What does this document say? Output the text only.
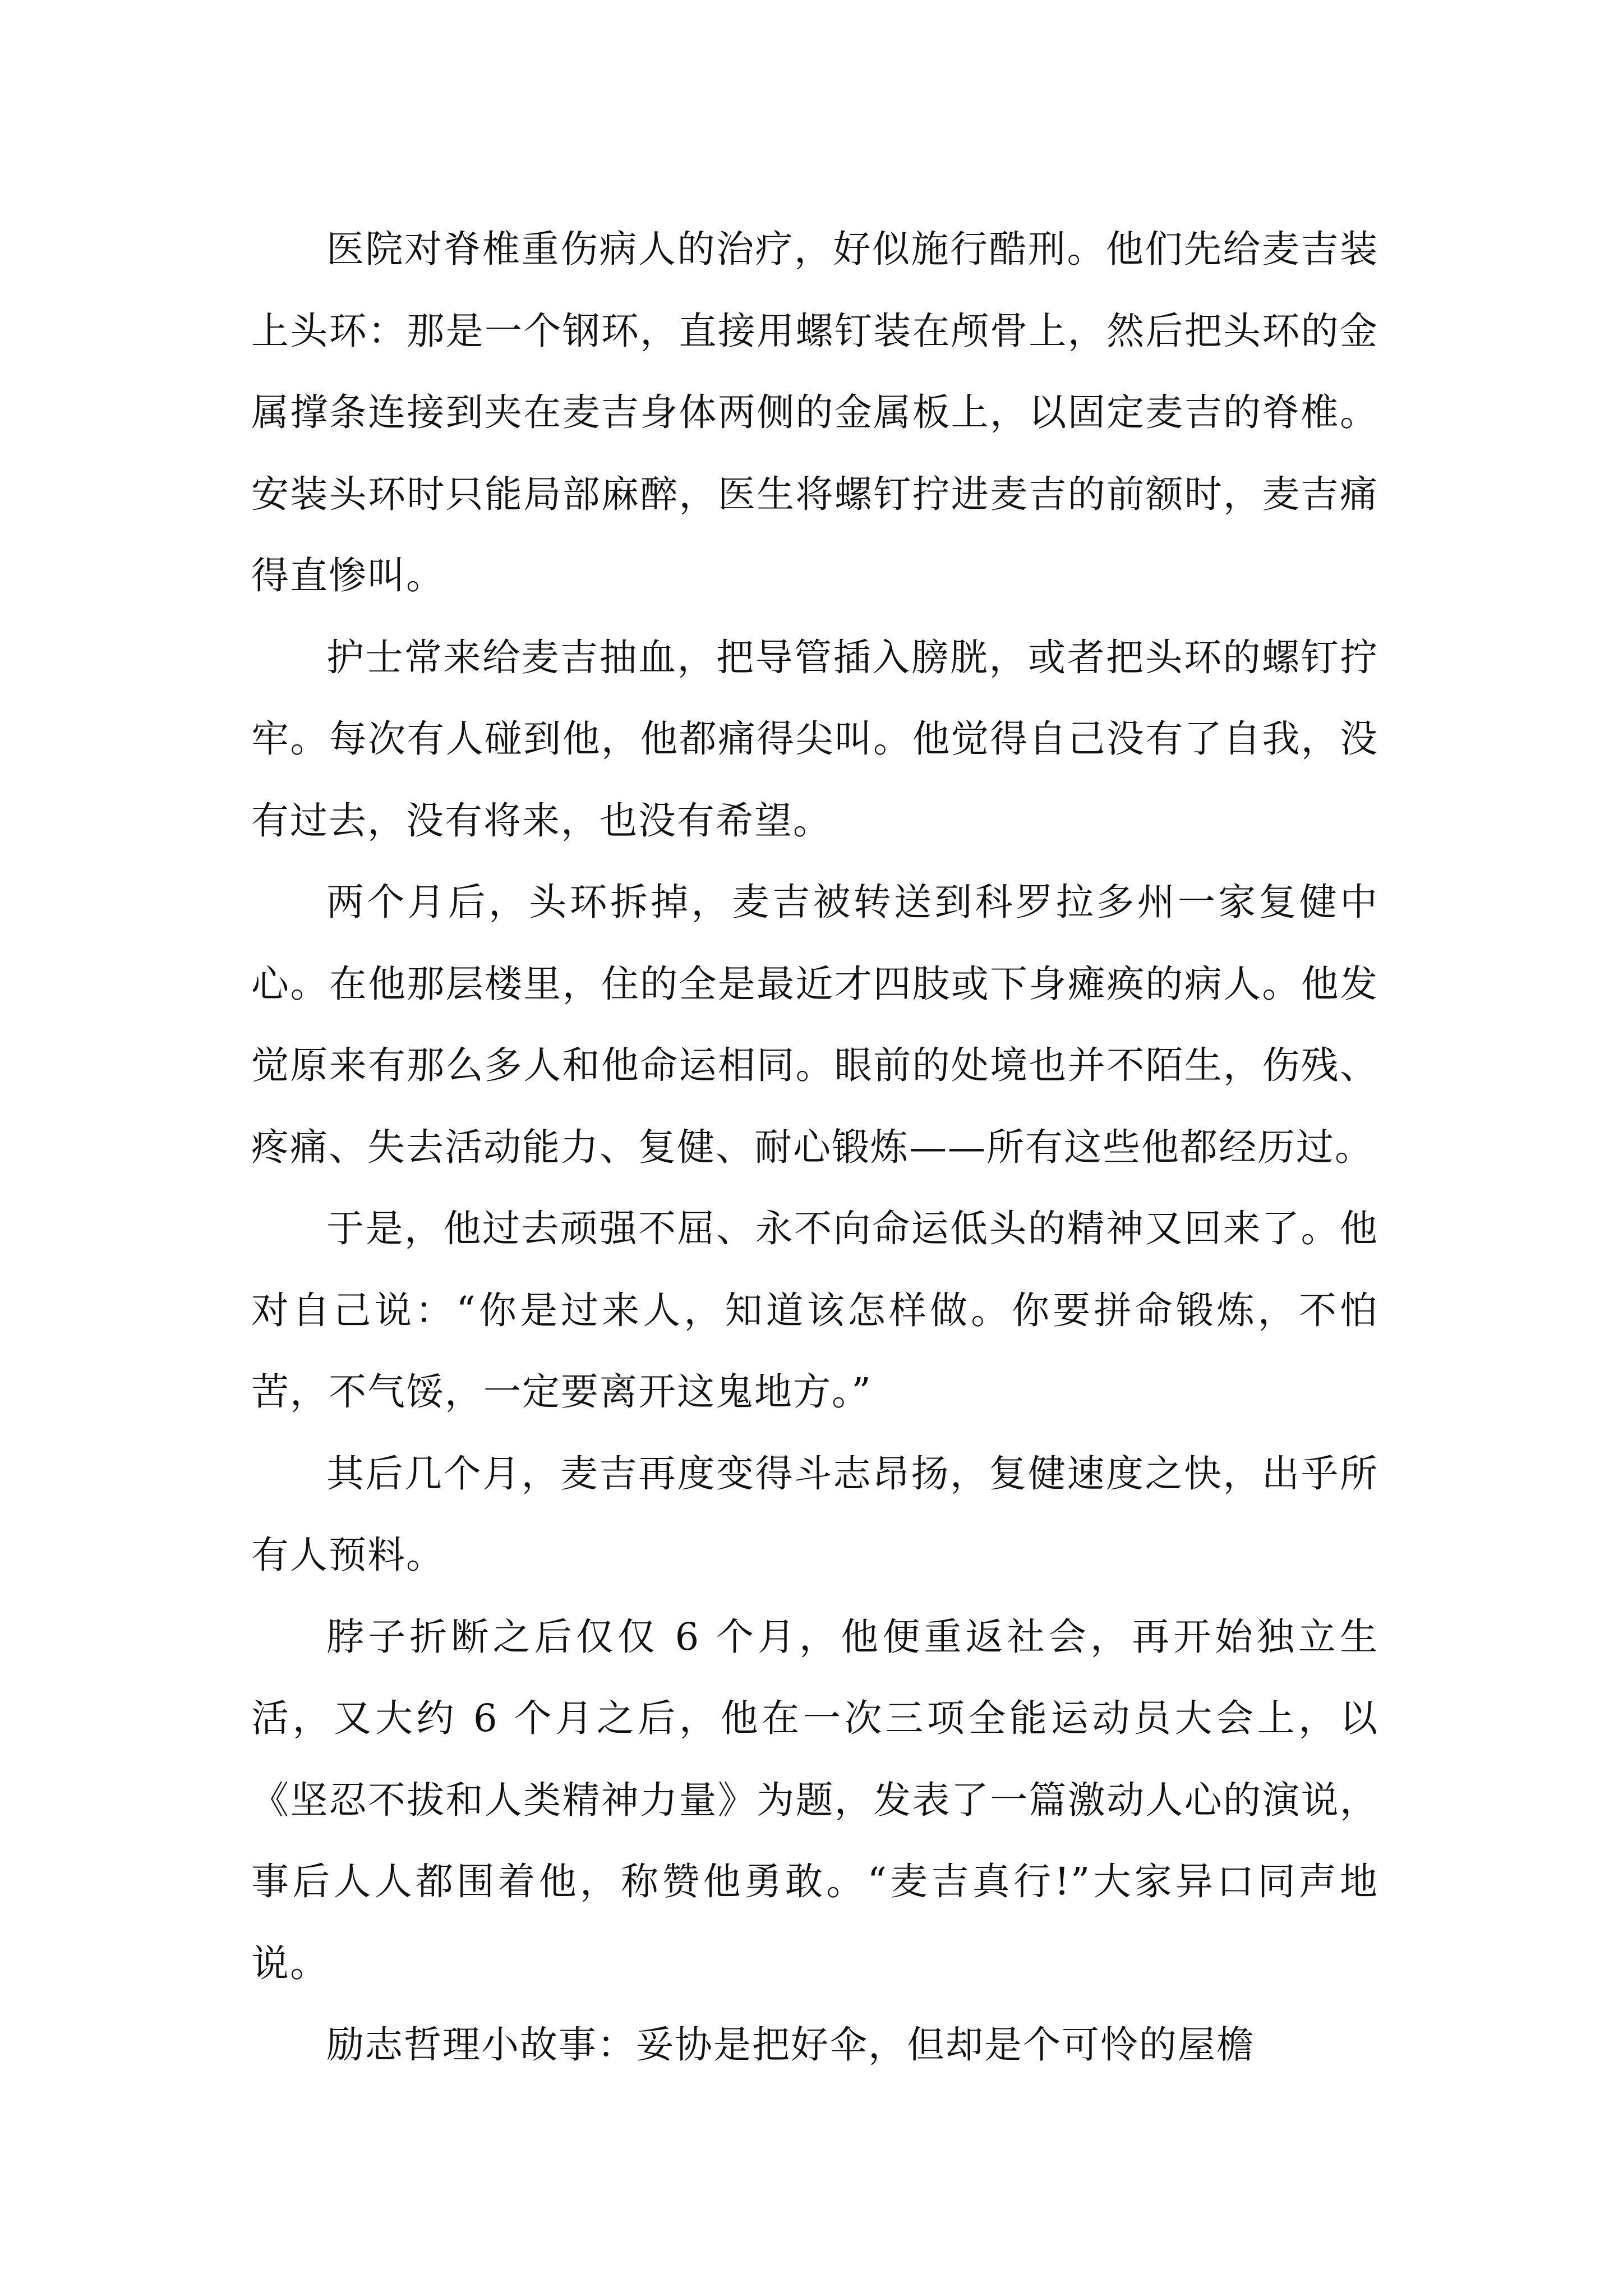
医院对脊椎重伤病人的治疗，好似施行酷刑。他们先给麦吉装上头环：那是一个钢环，直接用螺钉装在颅骨上，然后把头环的金属撑条连接到夹在麦吉身体两侧的金属板上，以固定麦吉的脊椎。安装头环时只能局部麻醉，医生将螺钉拧进麦吉的前额时，麦吉痛得直惨叫。

护士常来给麦吉抽血，把导管插入膀胱，或者把头环的螺钉拧牢。每次有人碰到他，他都痛得尖叫。他觉得自己没有了自我，没有过去，没有将来，也没有希望。

两个月后，头环拆掉，麦吉被转送到科罗拉多州一家复健中心。在他那层楼里，住的全是最近才四肢或下身瘫痪的病人。他发觉原来有那么多人和他命运相同。眼前的处境也并不陌生，伤残、疼痛、失去活动能力、复健、耐心锻炼——所有这些他都经历过。

于是，他过去顽强不屈、永不向命运低头的精神又回来了。他对自己说：“你是过来人，知道该怎样做。你要拼命锻炼，不怕苦，不气馁，一定要离开这鬼地方。”

其后几个月，麦吉再度变得斗志昂扬，复健速度之快，出乎所有人预料。

脖子折断之后仅仅 6 个月，他便重返社会，再开始独立生活，又大约 6 个月之后，他在一次三项全能运动员大会上，以《坚忍不拔和人类精神力量》为题，发表了一篇激动人心的演说，事后人人都围着他，称赞他勇敢。“麦吉真行!”大家异口同声地说。

励志哲理小故事：妥协是把好伞，但却是个可怜的屋檐
